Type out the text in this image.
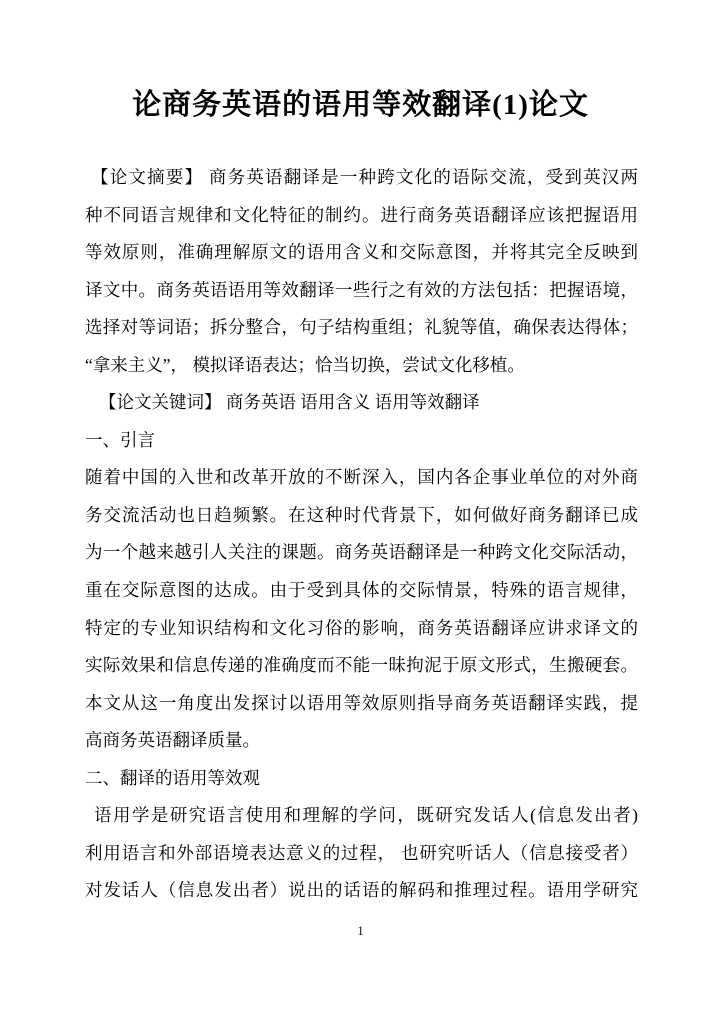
论商务英语的语用等效翻译(1)论文
【论文摘要】 商务英语翻译是一种跨文化的语际交流，受到英汉两
种不同语言规律和文化特征的制约。进行商务英语翻译应该把握语用
等效原则，准确理解原文的语用含义和交际意图，并将其完全反映到
译文中。商务英语语用等效翻译一些行之有效的方法包括：把握语境，
选择对等词语；拆分整合，句子结构重组；礼貌等值，确保表达得体；
“拿来主义”， 模拟译语表达；恰当切换，尝试文化移植。
【论文关键词】 商务英语 语用含义 语用等效翻译
一、引言
随着中国的入世和改革开放的不断深入，国内各企事业单位的对外商
务交流活动也日趋频繁。在这种时代背景下，如何做好商务翻译已成
为一个越来越引人关注的课题。商务英语翻译是一种跨文化交际活动，
重在交际意图的达成。由于受到具体的交际情景，特殊的语言规律，
特定的专业知识结构和文化习俗的影响，商务英语翻译应讲求译文的
实际效果和信息传递的准确度而不能一昧拘泥于原文形式，生搬硬套。
本文从这一角度出发探讨以语用等效原则指导商务英语翻译实践，提
高商务英语翻译质量。
二、翻译的语用等效观
语用学是研究语言使用和理解的学问，既研究发话人(信息发出者)
利用语言和外部语境表达意义的过程， 也研究听话人（信息接受者）
对发话人（信息发出者）说出的话语的解码和推理过程。语用学研究
1
